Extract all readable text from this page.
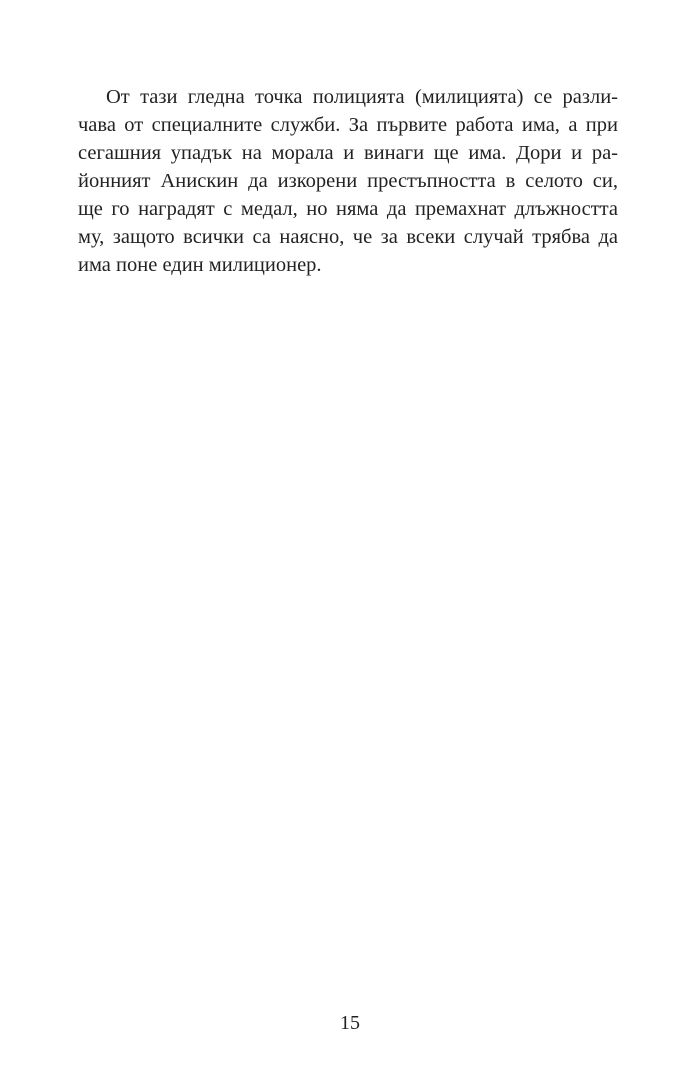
От тази гледна точка полицията (милицията) се разли-
чава от специалните служби. За първите работа има, а при
сегашния упадък на морала и винаги ще има. Дори и ра-
йонният Анискин да изкорени престъпността в селото си,
ще го наградят с медал, но няма да премахнат длъжността
му, защото всички са наясно, че за всеки случай трябва да
има поне един милиционер.
15
